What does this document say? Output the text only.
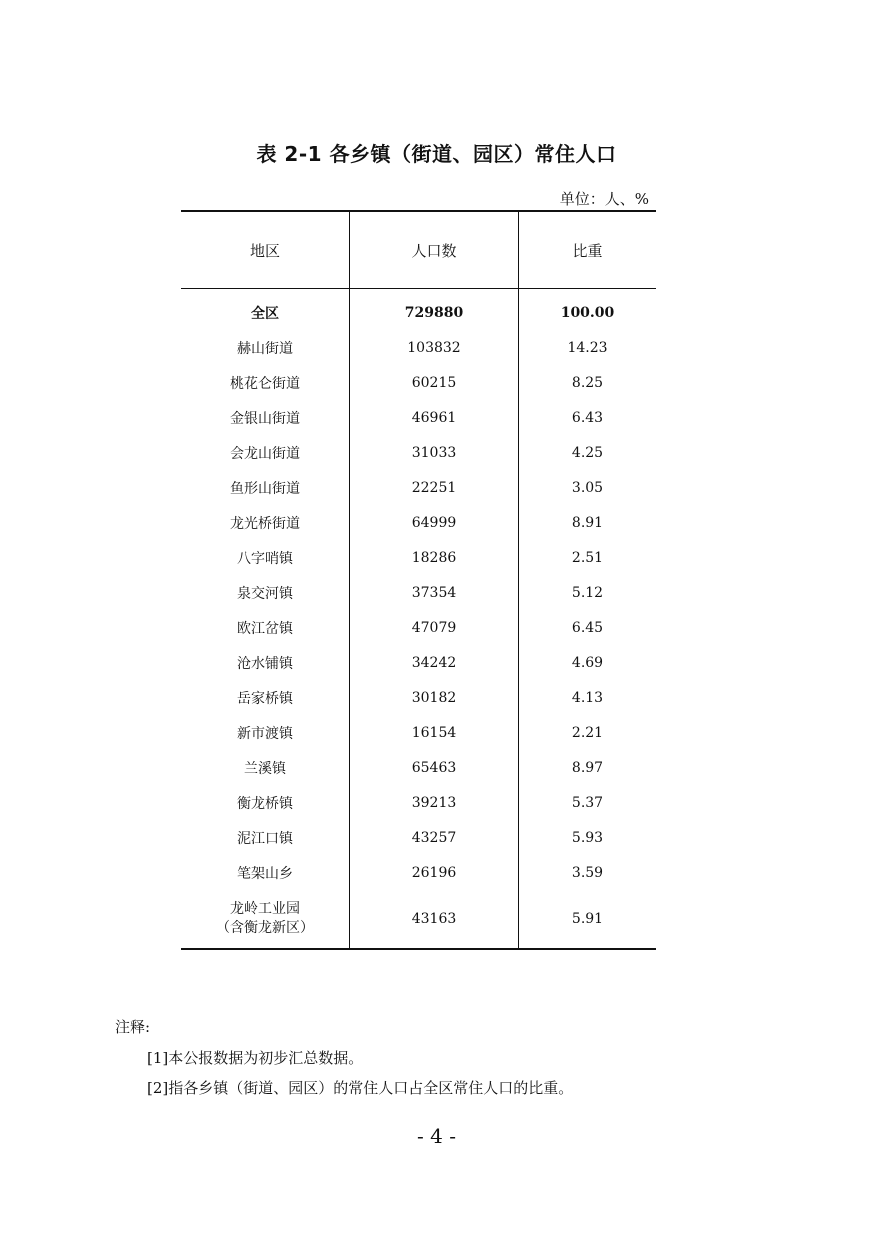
表 2-1 各乡镇（街道、园区）常住人口
单位：人、%
地区	人口数	比重
全区	729880	100.00
赫山街道	103832	14.23
桃花仑街道	60215	8.25
金银山街道	46961	6.43
会龙山街道	31033	4.25
鱼形山街道	22251	3.05
龙光桥街道	64999	8.91
八字哨镇	18286	2.51
泉交河镇	37354	5.12
欧江岔镇	47079	6.45
沧水铺镇	34242	4.69
岳家桥镇	30182	4.13
新市渡镇	16154	2.21
兰溪镇	65463	8.97
衡龙桥镇	39213	5.37
泥江口镇	43257	5.93
笔架山乡	26196	3.59

龙岭工业园
（含衡龙新区）	43163	5.91
注释:
[1]本公报数据为初步汇总数据。
[2]指各乡镇（街道、园区）的常住人口占全区常住人口的比重。
- 4 -
